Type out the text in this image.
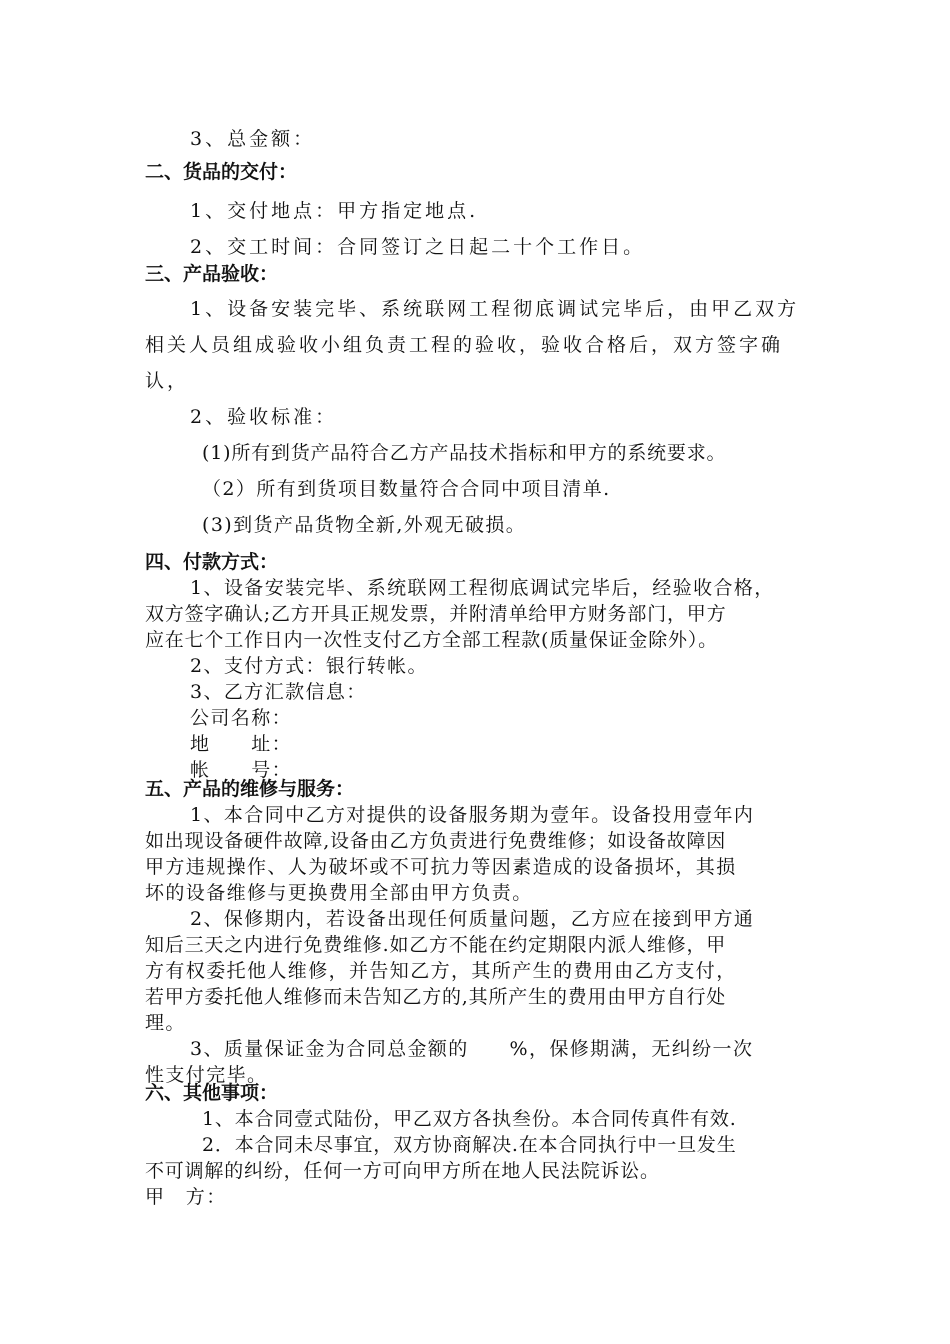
3、总金额：
二、货品的交付：
1、交付地点：甲方指定地点.
2、交工时间：合同签订之日起二十个工作日。
三、产品验收：
1、设备安装完毕、系统联网工程彻底调试完毕后，由甲乙双方
相关人员组成验收小组负责工程的验收，验收合格后，双方签字确
认，
2、验收标准：
(1)所有到货产品符合乙方产品技术指标和甲方的系统要求。
（2）所有到货项目数量符合合同中项目清单.
(3)到货产品货物全新,外观无破损。
四、付款方式：
1、设备安装完毕、系统联网工程彻底调试完毕后，经验收合格，
双方签字确认;乙方开具正规发票，并附清单给甲方财务部门，甲方
应在七个工作日内一次性支付乙方全部工程款(质量保证金除外）。
2、支付方式：银行转帐。
3、乙方汇款信息：
公司名称：
地　　址：
帐　　号：
五、产品的维修与服务：
1、本合同中乙方对提供的设备服务期为壹年。设备投用壹年内
如出现设备硬件故障,设备由乙方负责进行免费维修；如设备故障因
甲方违规操作、人为破坏或不可抗力等因素造成的设备损坏，其损
坏的设备维修与更换费用全部由甲方负责。
2、保修期内，若设备出现任何质量问题，乙方应在接到甲方通
知后三天之内进行免费维修.如乙方不能在约定期限内派人维修，甲
方有权委托他人维修，并告知乙方，其所产生的费用由乙方支付，
若甲方委托他人维修而未告知乙方的,其所产生的费用由甲方自行处
理。
3、质量保证金为合同总金额的　　%，保修期满，无纠纷一次
性支付完毕。
六、其他事项：
1、本合同壹式陆份，甲乙双方各执叁份。本合同传真件有效.
2．本合同未尽事宜，双方协商解决.在本合同执行中一旦发生
不可调解的纠纷，任何一方可向甲方所在地人民法院诉讼。
甲　方：
